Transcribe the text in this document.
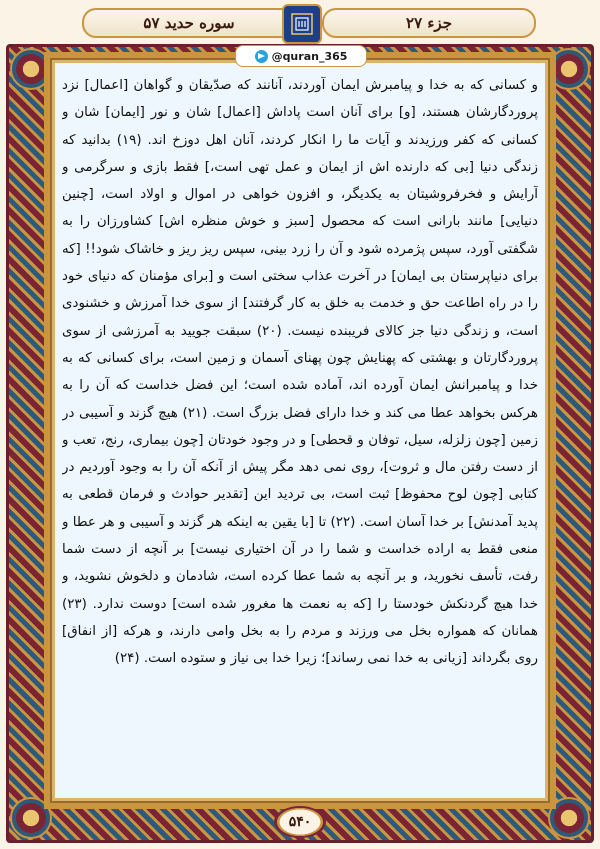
سوره حدید ۵۷	جزء ۲۷
@quran_365
و کسانی که به خدا و پیامبرش ایمان آوردند، آنانند که صدّیقان و گواهان [اعمال] نزد پروردگارشان هستند، [و] برای آنان است پاداش [اعمال] شان و نور [ایمان] شان و کسانی که کفر ورزیدند و آیات ما را انکار کردند، آنان اهل دوزخ اند. (۱۹) بدانید که زندگی دنیا [بی که دارنده اش از ایمان و عمل تهی است،] فقط بازی و سرگرمی و آرایش و فخرفروشیتان به یکدیگر، و افزون خواهی در اموال و اولاد است، [چنین دنیایی] مانند بارانی است که محصول [سبز و خوش منظره اش] کشاورزان را به شگفتی آورد، سپس پژمرده شود و آن را زرد بینی، سپس ریز ریز و خاشاک شود!! [که برای دنیاپرستان بی ایمان] در آخرت عذاب سختی است و [برای مؤمنان که دنیای خود را در راه اطاعت حق و خدمت به خلق به کار گرفتند] از سوی خدا آمرزش و خشنودی است، و زندگی دنیا جز کالای فریبنده نیست. (۲۰) سبقت جویید به آمرزشی از سوی پروردگارتان و بهشتی که پهنایش چون پهنای آسمان و زمین است، برای کسانی که به خدا و پیامبرانش ایمان آورده اند، آماده شده است؛ این فضل خداست که آن را به هرکس بخواهد عطا می کند و خدا دارای فضل بزرگ است. (۲۱) هیچ گزند و آسیبی در زمین [چون زلزله، سیل، توفان و قحطی] و در وجود خودتان [چون بیماری، رنج، تعب و از دست رفتن مال و ثروت]، روی نمی دهد مگر پیش از آنکه آن را به وجود آوردیم در کتابی [چون لوح محفوظ] ثبت است، بی تردید این [تقدیر حوادث و فرمان قطعی به پدید آمدنش] بر خدا آسان است. (۲۲) تا [با یقین به اینکه هر گزند و آسیبی و هر عطا و منعی فقط به اراده خداست و شما را در آن اختیاری نیست] بر آنچه از دست شما رفت، تأسف نخورید، و بر آنچه به شما عطا کرده است، شادمان و دلخوش نشوید، و خدا هیچ گردنکش خودستا را [که به نعمت ها مغرور شده است] دوست ندارد. (۲۳) همانان که همواره بخل می ورزند و مردم را به بخل وامی دارند، و هرکه [از انفاق] روی بگرداند [زیانی به خدا نمی رساند]؛ زیرا خدا بی نیاز و ستوده است. (۲۴)
۵۴۰
